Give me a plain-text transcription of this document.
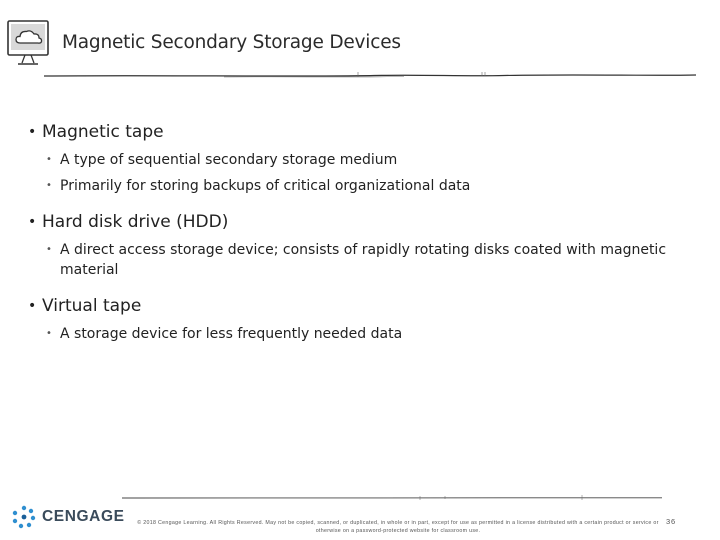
Magnetic Secondary Storage Devices
• Magnetic tape
• A type of sequential secondary storage medium
• Primarily for storing backups of critical organizational data
• Hard disk drive (HDD)
• A direct access storage device; consists of rapidly rotating disks coated with magnetic material
• Virtual tape
• A storage device for less frequently needed data
CENGAGE	© 2018 Cengage Learning. All Rights Reserved. May not be copied, scanned, or duplicated, in whole or in part, except for use as permitted in a license distributed with a certain product or service or otherwise on a password-protected website for classroom use.
36
